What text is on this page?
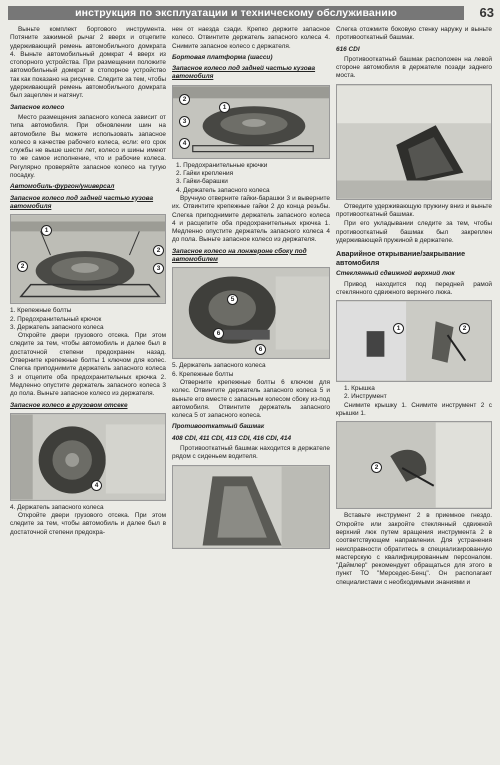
инструкция по эксплуатации и техническому обслуживанию	63

Выньте комплект бортового инструмента. Потяните зажимной рычаг 2 вверх и отцепите удерживающий ремень автомобильного домкрата 4. Выньте автомобильный домкрат 4 вверх из стопорного устройства. При размещении положите автомобильный домкрат в стопорное устройство так как показано на рисунке. Следите за тем, чтобы удерживающий ремень автомобильного домкрата был зацеплен и натянут.

Запасное колесо

Место размещения запасного колеса зависит от типа автомобиля. При обновлении шин на автомобиле Вы можете использовать запасное колесо в качестве рабочего колеса, если: его срок службы не выше шести лет, колесо и шины имеют то же самое исполнение, что и рабочие колеса. Регулярно проверяйте запасное колесо на тугую посадку.

Автомобиль-фургон/универсал
Запасное колесо под задней частью кузова автомобиля
1
2
3
2
1. Крепежные болты
2. Предохранительный крючок
3. Держатель запасного колеса

Откройте двери грузового отсека. При этом следите за тем, чтобы автомобиль и далее был в достаточной степени предохранен назад. Отверните крепежные болты 1 ключом для колес. Слегка приподнимите держатель запасного колеса 3 и отцепите оба предохранительных крючка 2. Медленно опустите держатель запасного колеса 3 до пола. Выньте запасное колесо из держателя.

Запасное колесо в грузовом отсеке
4
4. Держатель запасного колеса

Откройте двери грузового отсека. При этом следите за тем, чтобы автомобиль и далее был в достаточной степени предохра-

нен от наезда сзади. Крепко держите запасное колесо. Отвинтите держатель запасного колеса 4. Снимите запасное колесо с держателя.

Бортовая платформа (шасси)
Запасное колесо под задней частью кузова автомобиля
2
1
3
4
1. Предохранительные крючки
2. Гайки крепления
3. Гайки-барашки
4. Держатель запасного колеса

Вручную отверните гайки-барашки 3 и выверните их. Отвинтите крепежные гайки 2 до конца резьбы. Слегка приподнимите держатель запасного колеса 4 и расцепите оба предохранительных крючка 1. Медленно опустите держатель запасного колеса 4 до пола. Выньте запасное колесо из держателя.

Запасное колесо на лонжероне сбоку под автомобилем
5
6
6
5. Держатель запасного колеса
6. Крепежные болты

Отверните крепежные болты 6 ключом для колес. Отвинтите держатель запасного колеса 5 и выньте его вместе с запасным колесом сбоку из-под автомобиля. Отвинтите держатель запасного колеса 5 от запасного колеса.

Противооткатный башмак
408 CDI, 411 CDI, 413 CDI, 416 CDI, 414

Противооткатный башмак находится в держателе рядом с сиденьем водителя.

Слегка отожмите боковую стенку наружу и выньте противооткатный башмак.

616 CDI

Противооткатный башмак расположен на левой стороне автомобиля в держателе позади заднего моста.

Отведите удерживающую пружину вниз и выньте противооткатный башмак.

При его укладывании следите за тем, чтобы противооткатный башмак был закреплен удерживающей пружиной в держателе.

Аварийное открывание/закрывание автомобиля
Стеклянный сдвижной верхний люк

Привод находится под передней рамой стеклянного сдвижного верхнего люка.

1	2
1. Крышка
2. Инструмент

Снимите крышку 1. Снимите инструмент 2 с крышки 1.

2

Вставьте инструмент 2 в приемное гнездо. Откройте или закройте стеклянный сдвижной верхний люк путем вращения инструмента 2 в соответствующем направлении. Для устранения неисправности обратитесь в специализированную мастерскую с квалифицированным персоналом. "Даймлер" рекомендует обращаться для этого в пункт ТО "Мерседес-Бенц". Он располагает специалистами с необходимыми знаниями и
